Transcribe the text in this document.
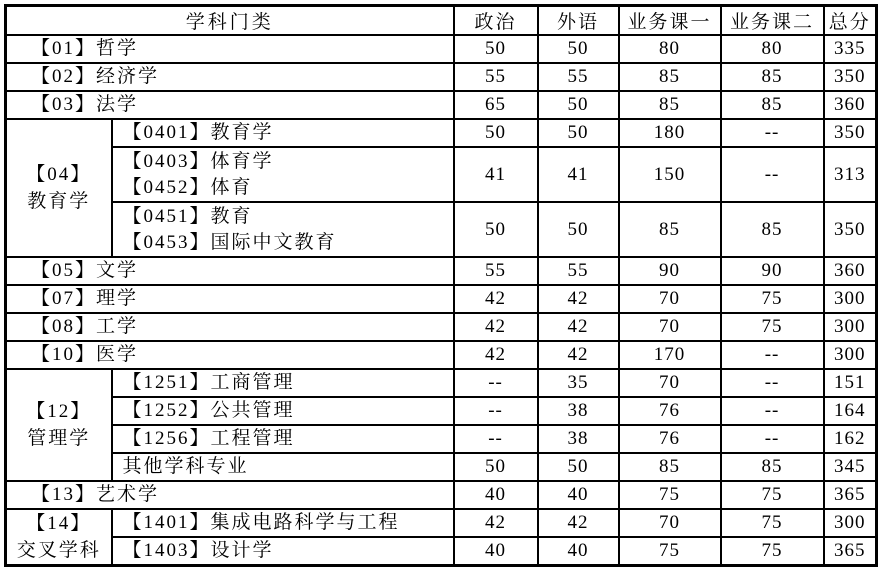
学科门类		政治	外语	业务课一	业务课二	总分
【01】哲学		50	50	80	80	335
【02】经济学		55	55	85	85	350
【03】法学		65	50	85	85	360

【04】
教育学	【0401】教育学	50	50	180	--	350

	【0403】体育学
【0452】体育	41	41	150	--	313

	【0451】教育
【0453】国际中文教育	50	50	85	85	350
【05】文学		55	55	90	90	360
【07】理学		42	42	70	75	300
【08】工学		42	42	70	75	300
【10】医学		42	42	170	--	300

【12】
管理学	【1251】工商管理	--	35	70	--	151
	【1252】公共管理	--	38	76	--	164
	【1256】工程管理	--	38	76	--	162
	其他学科专业	50	50	85	85	345
【13】艺术学		40	40	75	75	365

【14】
交叉学科	【1401】集成电路科学与工程	42	42	70	75	300
	【1403】设计学	40	40	75	75	365
